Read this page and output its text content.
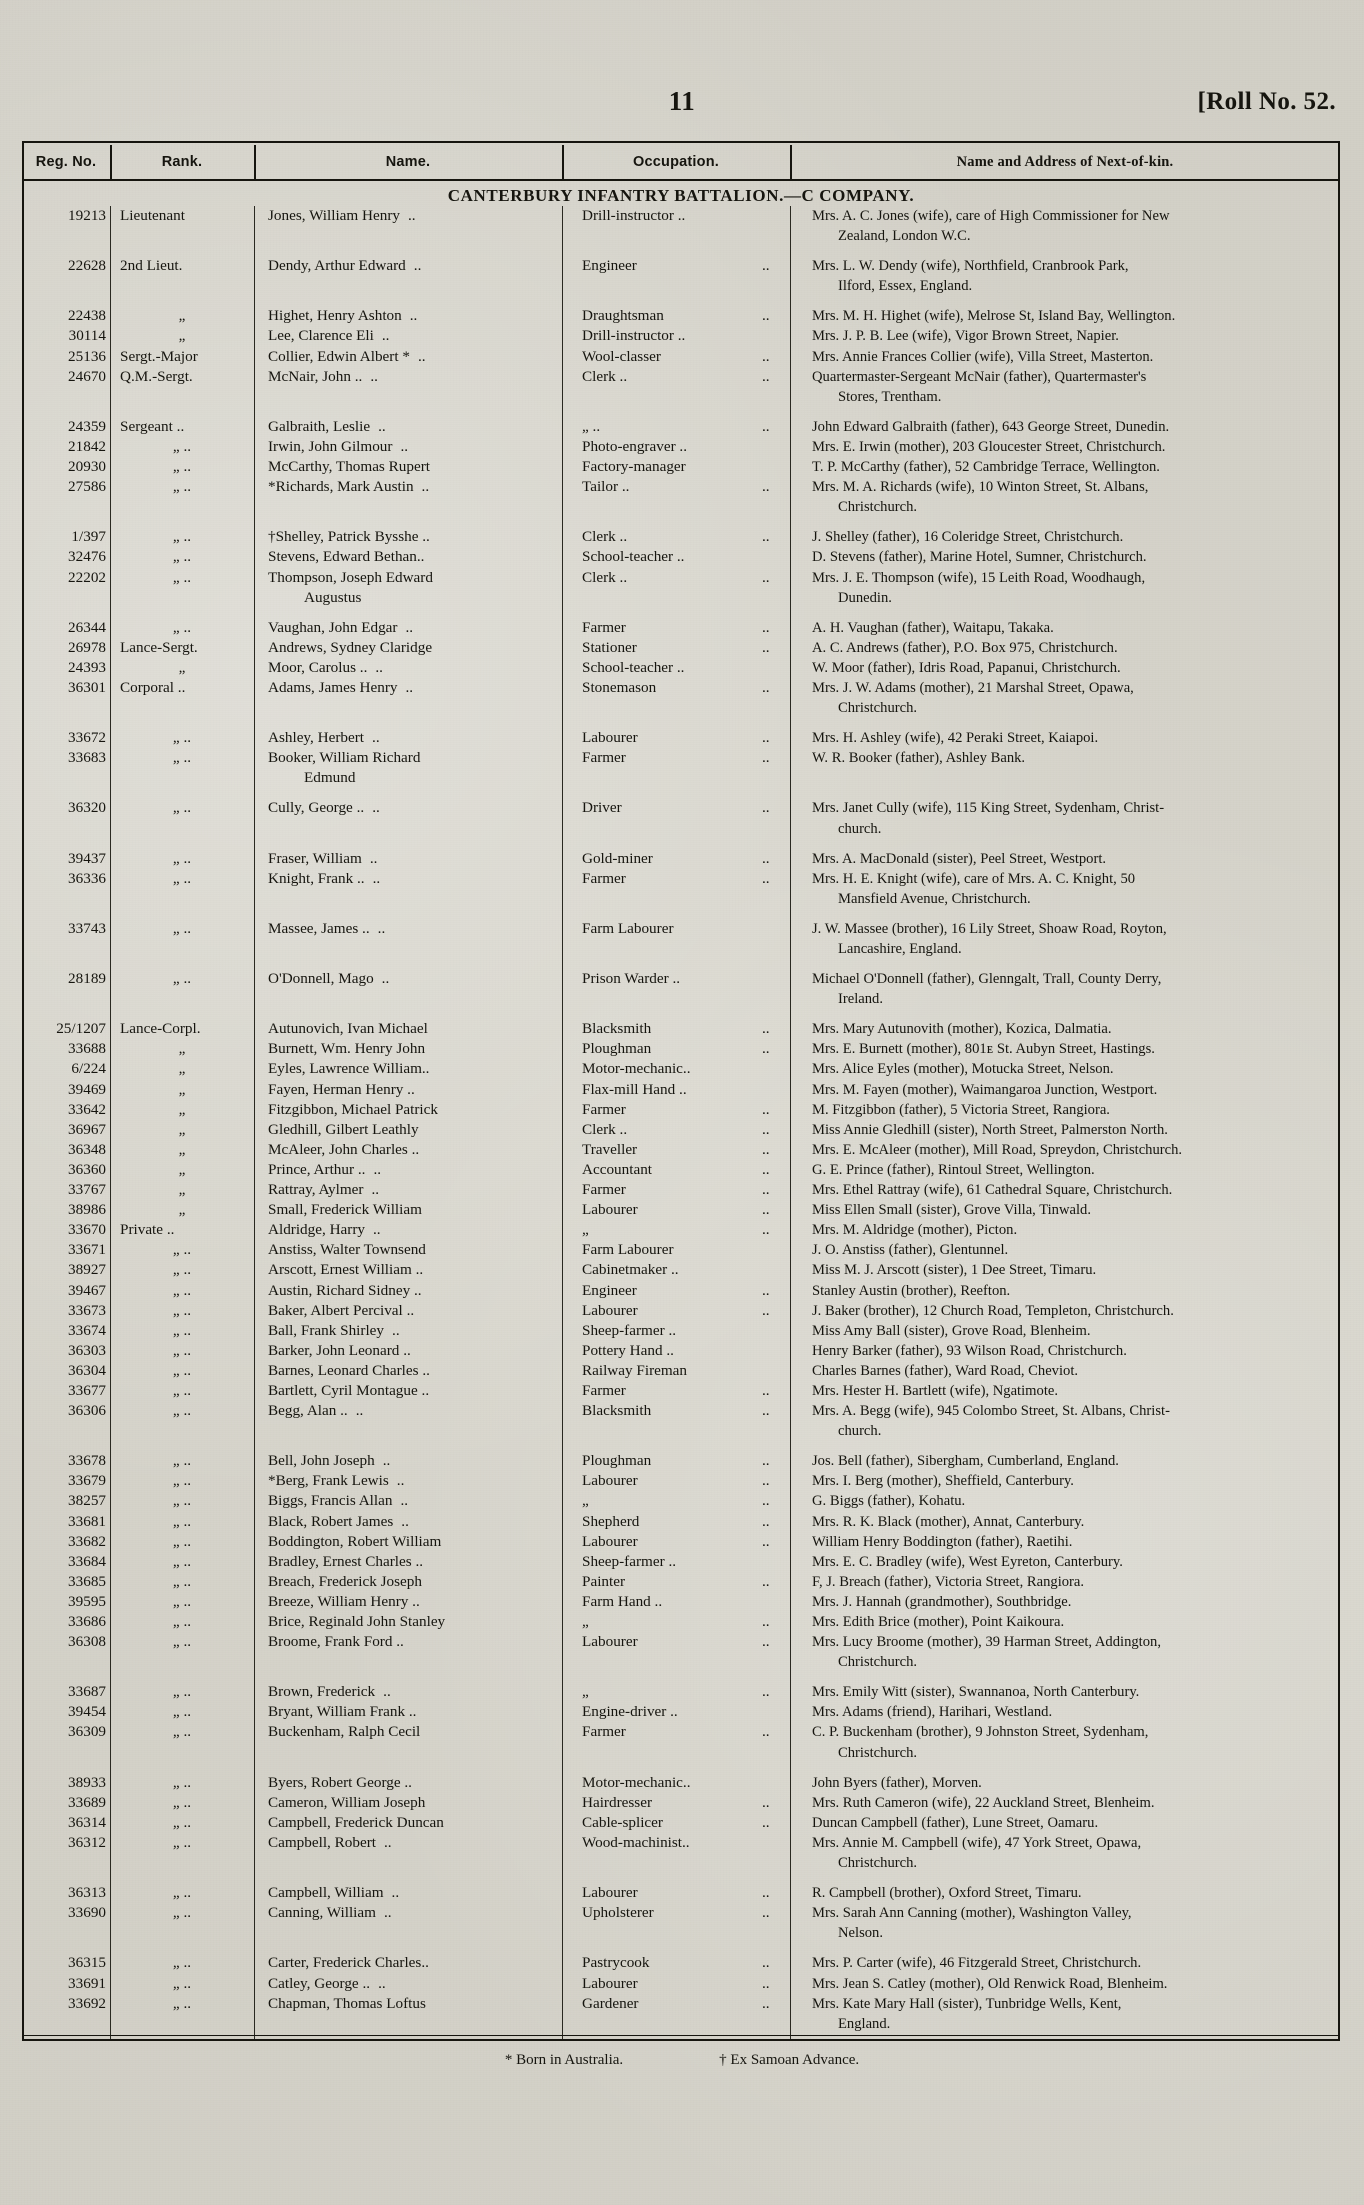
11	[Roll No. 52.
Reg. No.	Rank.	Name.	Occupation.	Name and Address of Next-of-kin.
CANTERBURY INFANTRY BATTALION.—C COMPANY.
19213 Lieutenant	Jones, William Henry ..	Drill-instructor ..	Mrs. A. C. Jones (wife), care of High Commissioner for New
Zealand, London W.C.
22628 2nd Lieut.	Dendy, Arthur Edward ..	Engineer	..	Mrs. L. W. Dendy (wife), Northfield, Cranbrook Park,
Ilford, Essex, England.
22438	„	Highet, Henry Ashton ..	Draughtsman	..	Mrs. M. H. Highet (wife), Melrose St, Island Bay, Wellington.
30114	„	Lee, Clarence Eli ..	Drill-instructor ..	Mrs. J. P. B. Lee (wife), Vigor Brown Street, Napier.
25136 Sergt.-Major	Collier, Edwin Albert * ..	Wool-classer	..	Mrs. Annie Frances Collier (wife), Villa Street, Masterton.
24670 Q.M.-Sergt.	McNair, John .. ..	Clerk ..	..	Quartermaster-Sergeant McNair (father), Quartermaster's
Stores, Trentham.
24359 Sergeant ..	Galbraith, Leslie ..	„ ..	..	John Edward Galbraith (father), 643 George Street, Dunedin.
21842	„ ..	Irwin, John Gilmour ..	Photo-engraver ..	Mrs. E. Irwin (mother), 203 Gloucester Street, Christchurch.
20930	„ ..	McCarthy, Thomas Rupert	Factory-manager	T. P. McCarthy (father), 52 Cambridge Terrace, Wellington.
27586	„ ..	*Richards, Mark Austin ..	Tailor ..	..	Mrs. M. A. Richards (wife), 10 Winton Street, St. Albans,
Christchurch.
1/397	„ ..	†Shelley, Patrick Bysshe ..	Clerk ..	..	J. Shelley (father), 16 Coleridge Street, Christchurch.
32476	„ ..	Stevens, Edward Bethan..	School-teacher ..	D. Stevens (father), Marine Hotel, Sumner, Christchurch.
22202	„ ..	Thompson, Joseph Edward
Augustus
Clerk ..	..	Mrs. J. E. Thompson (wife), 15 Leith Road, Woodhaugh,
Dunedin.
26344	„ ..	Vaughan, John Edgar ..	Farmer	..	A. H. Vaughan (father), Waitapu, Takaka.
26978 Lance-Sergt.	Andrews, Sydney Claridge	Stationer	..	A. C. Andrews (father), P.O. Box 975, Christchurch.
24393	„	Moor, Carolus .. ..	School-teacher ..	W. Moor (father), Idris Road, Papanui, Christchurch.
36301 Corporal ..	Adams, James Henry ..	Stonemason	..	Mrs. J. W. Adams (mother), 21 Marshal Street, Opawa,
Christchurch.
33672	„ ..	Ashley, Herbert ..	Labourer	..	Mrs. H. Ashley (wife), 42 Peraki Street, Kaiapoi.
33683	„ ..	Booker, William Richard
Edmund
Farmer	..	W. R. Booker (father), Ashley Bank.
36320	„ ..	Cully, George .. ..	Driver	..	Mrs. Janet Cully (wife), 115 King Street, Sydenham, Christ-
church.
39437	„ ..	Fraser, William ..	Gold-miner	..	Mrs. A. MacDonald (sister), Peel Street, Westport.
36336	„ ..	Knight, Frank .. ..	Farmer	..	Mrs. H. E. Knight (wife), care of Mrs. A. C. Knight, 50
Mansfield Avenue, Christchurch.
33743	„ ..	Massee, James .. ..	Farm Labourer	J. W. Massee (brother), 16 Lily Street, Shoaw Road, Royton,
Lancashire, England.
28189	„ ..	O'Donnell, Mago ..	Prison Warder ..	Michael O'Donnell (father), Glenngalt, Trall, County Derry,
Ireland.
25/1207 Lance-Corpl.	Autunovich, Ivan Michael	Blacksmith	..	Mrs. Mary Autunovith (mother), Kozica, Dalmatia.
33688	„	Burnett, Wm. Henry John	Ploughman	..	Mrs. E. Burnett (mother), 801ᴇ St. Aubyn Street, Hastings.
6/224	„	Eyles, Lawrence William..	Motor-mechanic..	Mrs. Alice Eyles (mother), Motucka Street, Nelson.
39469	„	Fayen, Herman Henry ..	Flax-mill Hand ..	Mrs. M. Fayen (mother), Waimangaroa Junction, Westport.
33642	„	Fitzgibbon, Michael Patrick	Farmer	..	M. Fitzgibbon (father), 5 Victoria Street, Rangiora.
36967	„	Gledhill, Gilbert Leathly	Clerk ..	..	Miss Annie Gledhill (sister), North Street, Palmerston North.
36348	„	McAleer, John Charles ..	Traveller	..	Mrs. E. McAleer (mother), Mill Road, Spreydon, Christchurch.
36360	„	Prince, Arthur .. ..	Accountant	..	G. E. Prince (father), Rintoul Street, Wellington.
33767	„	Rattray, Aylmer ..	Farmer	..	Mrs. Ethel Rattray (wife), 61 Cathedral Square, Christchurch.
38986	„	Small, Frederick William	Labourer	..	Miss Ellen Small (sister), Grove Villa, Tinwald.
33670 Private ..	Aldridge, Harry ..	„	..	Mrs. M. Aldridge (mother), Picton.
33671	„ ..	Anstiss, Walter Townsend	Farm Labourer	J. O. Anstiss (father), Glentunnel.
38927	„ ..	Arscott, Ernest William ..	Cabinetmaker ..	Miss M. J. Arscott (sister), 1 Dee Street, Timaru.
39467	„ ..	Austin, Richard Sidney ..	Engineer	..	Stanley Austin (brother), Reefton.
33673	„ ..	Baker, Albert Percival ..	Labourer	..	J. Baker (brother), 12 Church Road, Templeton, Christchurch.
33674	„ ..	Ball, Frank Shirley ..	Sheep-farmer ..	Miss Amy Ball (sister), Grove Road, Blenheim.
36303	„ ..	Barker, John Leonard ..	Pottery Hand ..	Henry Barker (father), 93 Wilson Road, Christchurch.
36304	„ ..	Barnes, Leonard Charles ..	Railway Fireman	Charles Barnes (father), Ward Road, Cheviot.
33677	„ ..	Bartlett, Cyril Montague ..	Farmer	..	Mrs. Hester H. Bartlett (wife), Ngatimote.
36306	„ ..	Begg, Alan .. ..	Blacksmith	..	Mrs. A. Begg (wife), 945 Colombo Street, St. Albans, Christ-
church.
33678	„ ..	Bell, John Joseph ..	Ploughman	..	Jos. Bell (father), Sibergham, Cumberland, England.
33679	„ ..	*Berg, Frank Lewis ..	Labourer	..	Mrs. I. Berg (mother), Sheffield, Canterbury.
38257	„ ..	Biggs, Francis Allan ..	„	..	G. Biggs (father), Kohatu.
33681	„ ..	Black, Robert James ..	Shepherd	..	Mrs. R. K. Black (mother), Annat, Canterbury.
33682	„ ..	Boddington, Robert William	Labourer	..	William Henry Boddington (father), Raetihi.
33684	„ ..	Bradley, Ernest Charles ..	Sheep-farmer ..	Mrs. E. C. Bradley (wife), West Eyreton, Canterbury.
33685	„ ..	Breach, Frederick Joseph	Painter	..	F, J. Breach (father), Victoria Street, Rangiora.
39595	„ ..	Breeze, William Henry ..	Farm Hand ..	Mrs. J. Hannah (grandmother), Southbridge.
33686	„ ..	Brice, Reginald John Stanley	„	..	Mrs. Edith Brice (mother), Point Kaikoura.
36308	„ ..	Broome, Frank Ford ..	Labourer	..	Mrs. Lucy Broome (mother), 39 Harman Street, Addington,
Christchurch.
33687	„ ..	Brown, Frederick ..	„	..	Mrs. Emily Witt (sister), Swannanoa, North Canterbury.
39454	„ ..	Bryant, William Frank ..	Engine-driver ..	Mrs. Adams (friend), Harihari, Westland.
36309	„ ..	Buckenham, Ralph Cecil	Farmer	..	C. P. Buckenham (brother), 9 Johnston Street, Sydenham,
Christchurch.
38933	„ ..	Byers, Robert George ..	Motor-mechanic..	John Byers (father), Morven.
33689	„ ..	Cameron, William Joseph	Hairdresser	..	Mrs. Ruth Cameron (wife), 22 Auckland Street, Blenheim.
36314	„ ..	Campbell, Frederick Duncan	Cable-splicer	..	Duncan Campbell (father), Lune Street, Oamaru.
36312	„ ..	Campbell, Robert ..	Wood-machinist..	Mrs. Annie M. Campbell (wife), 47 York Street, Opawa,
Christchurch.
36313	„ ..	Campbell, William ..	Labourer	..	R. Campbell (brother), Oxford Street, Timaru.
33690	„ ..	Canning, William ..	Upholsterer	..	Mrs. Sarah Ann Canning (mother), Washington Valley,
Nelson.
36315	„ ..	Carter, Frederick Charles..	Pastrycook	..	Mrs. P. Carter (wife), 46 Fitzgerald Street, Christchurch.
33691	„ ..	Catley, George .. ..	Labourer	..	Mrs. Jean S. Catley (mother), Old Renwick Road, Blenheim.
33692	„ ..	Chapman, Thomas Loftus	Gardener	..	Mrs. Kate Mary Hall (sister), Tunbridge Wells, Kent,
England.
* Born in Australia.	† Ex Samoan Advance.
